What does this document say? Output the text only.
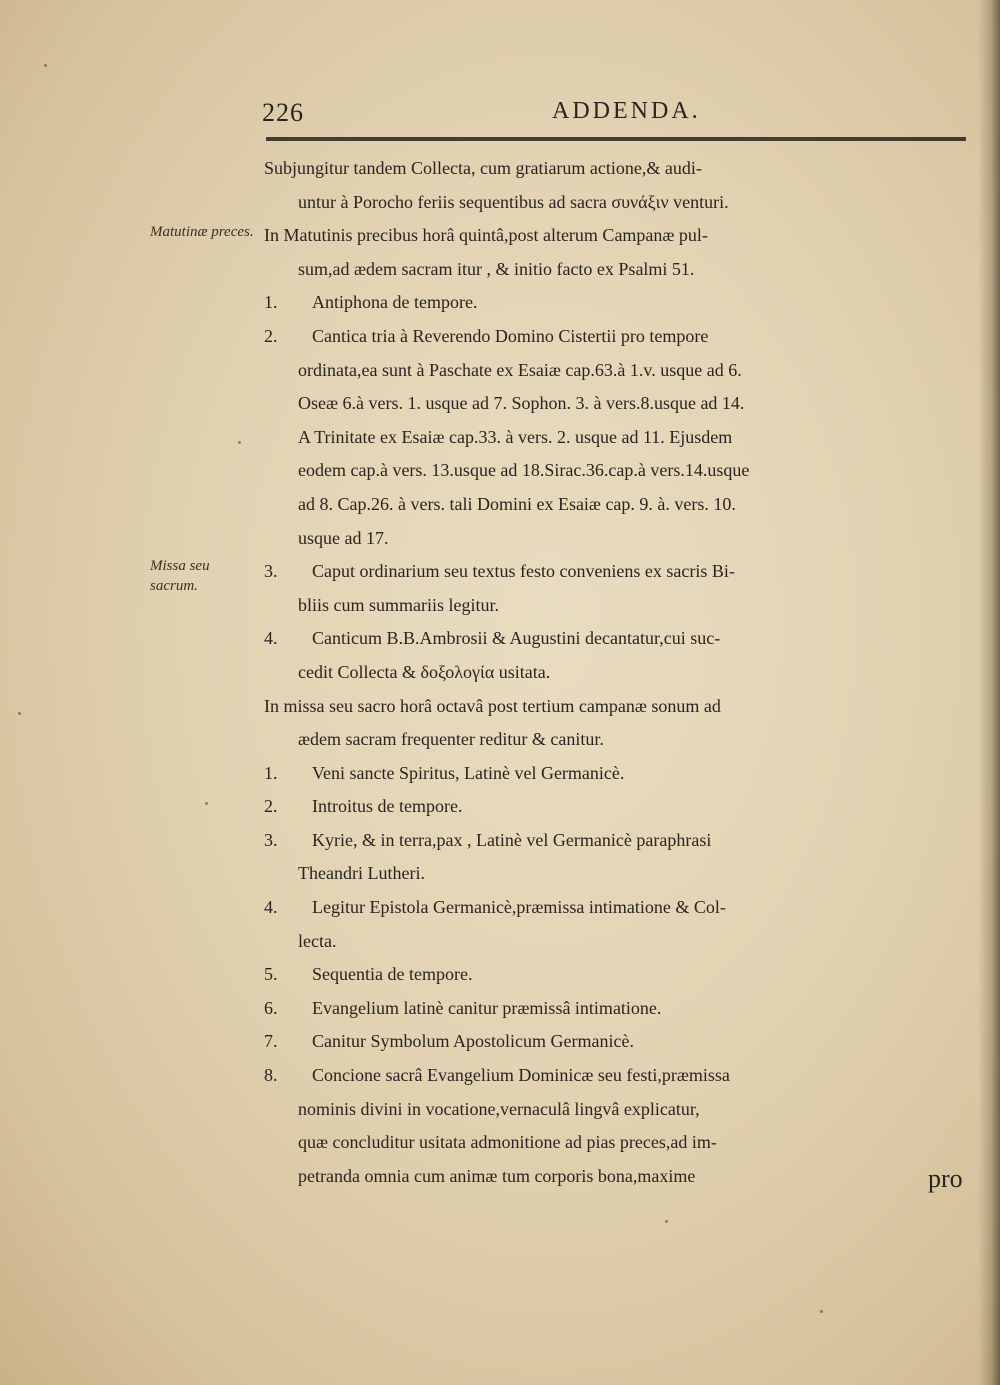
226	ADDENDA.
Matutinæ preces.
Missa seu sacrum.
Subjungitur tandem Collecta, cum gratiarum actione,& audi-
untur à Porocho feriis sequentibus ad sacra συνάξιν venturi.
In Matutinis precibus horâ quintâ,post alterum Campanæ pul-
sum,ad ædem sacram itur , & initio facto ex Psalmi 51.
1. Antiphona de tempore.
2. Cantica tria à Reverendo Domino Cistertii pro tempore
ordinata,ea sunt à Paschate ex Esaiæ cap.63.à 1.v. usque ad 6.
Oseæ 6.à vers. 1. usque ad 7. Sophon. 3. à vers.8.usque ad 14.
A Trinitate ex Esaiæ cap.33. à vers. 2. usque ad 11. Ejusdem
eodem cap.à vers. 13.usque ad 18.Sirac.36.cap.à vers.14.usque
ad 8. Cap.26. à vers. tali Domini ex Esaiæ cap. 9. à. vers. 10.
usque ad 17.
3. Caput ordinarium seu textus festo conveniens ex sacris Bi-
bliis cum summariis legitur.
4. Canticum B.B.Ambrosii & Augustini decantatur,cui suc-
cedit Collecta & δοξολογία usitata.
In missa seu sacro horâ octavâ post tertium campanæ sonum ad
ædem sacram frequenter reditur & canitur.
1. Veni sancte Spiritus, Latinè vel Germanicè.
2. Introitus de tempore.
3. Kyrie, & in terra,pax , Latinè vel Germanicè paraphrasi
Theandri Lutheri.
4. Legitur Epistola Germanicè,præmissa intimatione & Col-
lecta.
5. Sequentia de tempore.
6. Evangelium latinè canitur præmissâ intimatione.
7. Canitur Symbolum Apostolicum Germanicè.
8. Concione sacrâ Evangelium Dominicæ seu festi,præmissa
nominis divini in vocatione,vernaculâ lingvâ explicatur,
quæ concluditur usitata admonitione ad pias preces,ad im-
petranda omnia cum animæ tum corporis bona,maxime	pro
